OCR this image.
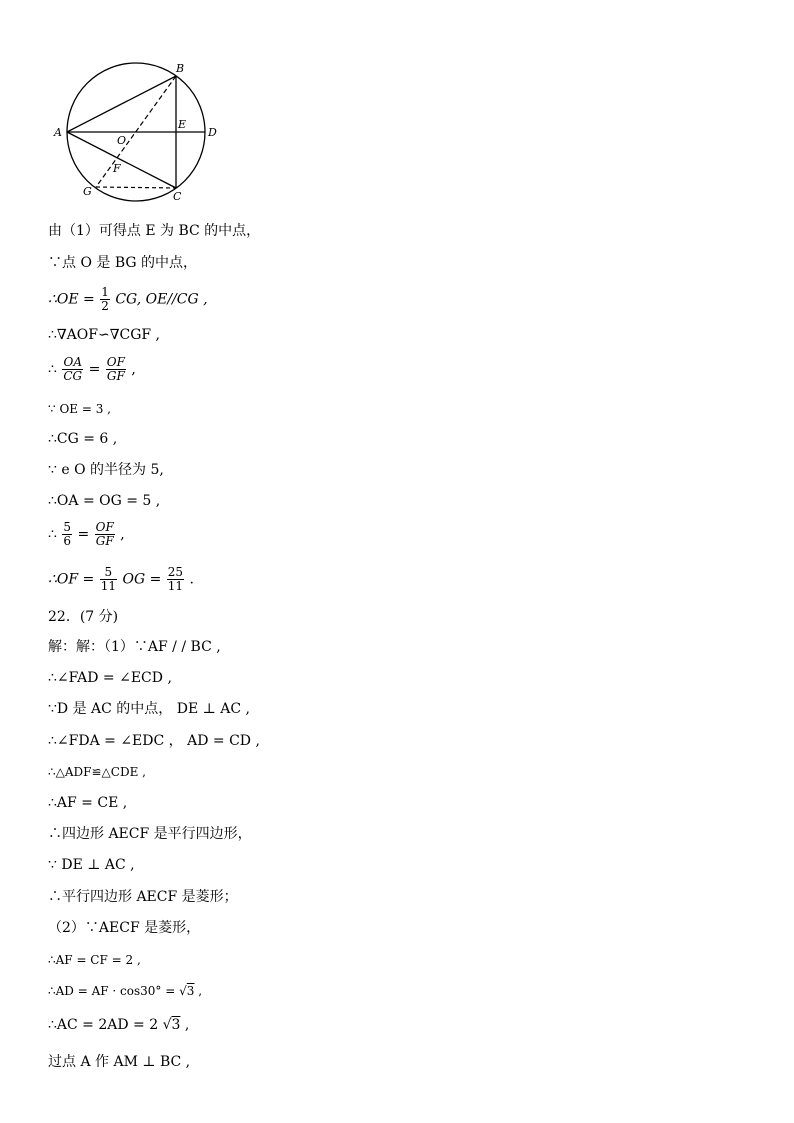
A
B
C
D
E
O
F
G
由（1）可得点 E 为 BC 的中点，
∵点 O 是 BG 的中点，
∴OE = $\frac{1}{2}$ CG, OE//CG ,
∴∇AOF∽∇CGF ,
∴ $\frac{OA}{CG} = \frac{OF}{GF}$ ,
∵ OE = 3 ,
∴CG = 6 ,
∵ e O 的半径为 5,
∴OA = OG = 5 ,
∴ $\frac{5}{6} = \frac{OF}{GF}$ ,
∴OF = $\frac{5}{11}$ OG = $\frac{25}{11}$ .
22．(7 分)
解：解：（1）∵AF / / BC ,
∴∠FAD = ∠ECD ,
∵D 是 AC 的中点， DE ⊥ AC ,
∴∠FDA = ∠EDC ， AD = CD ,
∴△ADF≌△CDE ,
∴AF = CE ,
∴四边形 AECF 是平行四边形，
∵ DE ⊥ AC ,
∴平行四边形 AECF 是菱形；
（2）∵AECF 是菱形，
∴AF = CF = 2 ,
∴AD = AF · cos30° = √3 ,
∴AC = 2AD = 2 √3 ,
过点 A 作 AM ⊥ BC ,
